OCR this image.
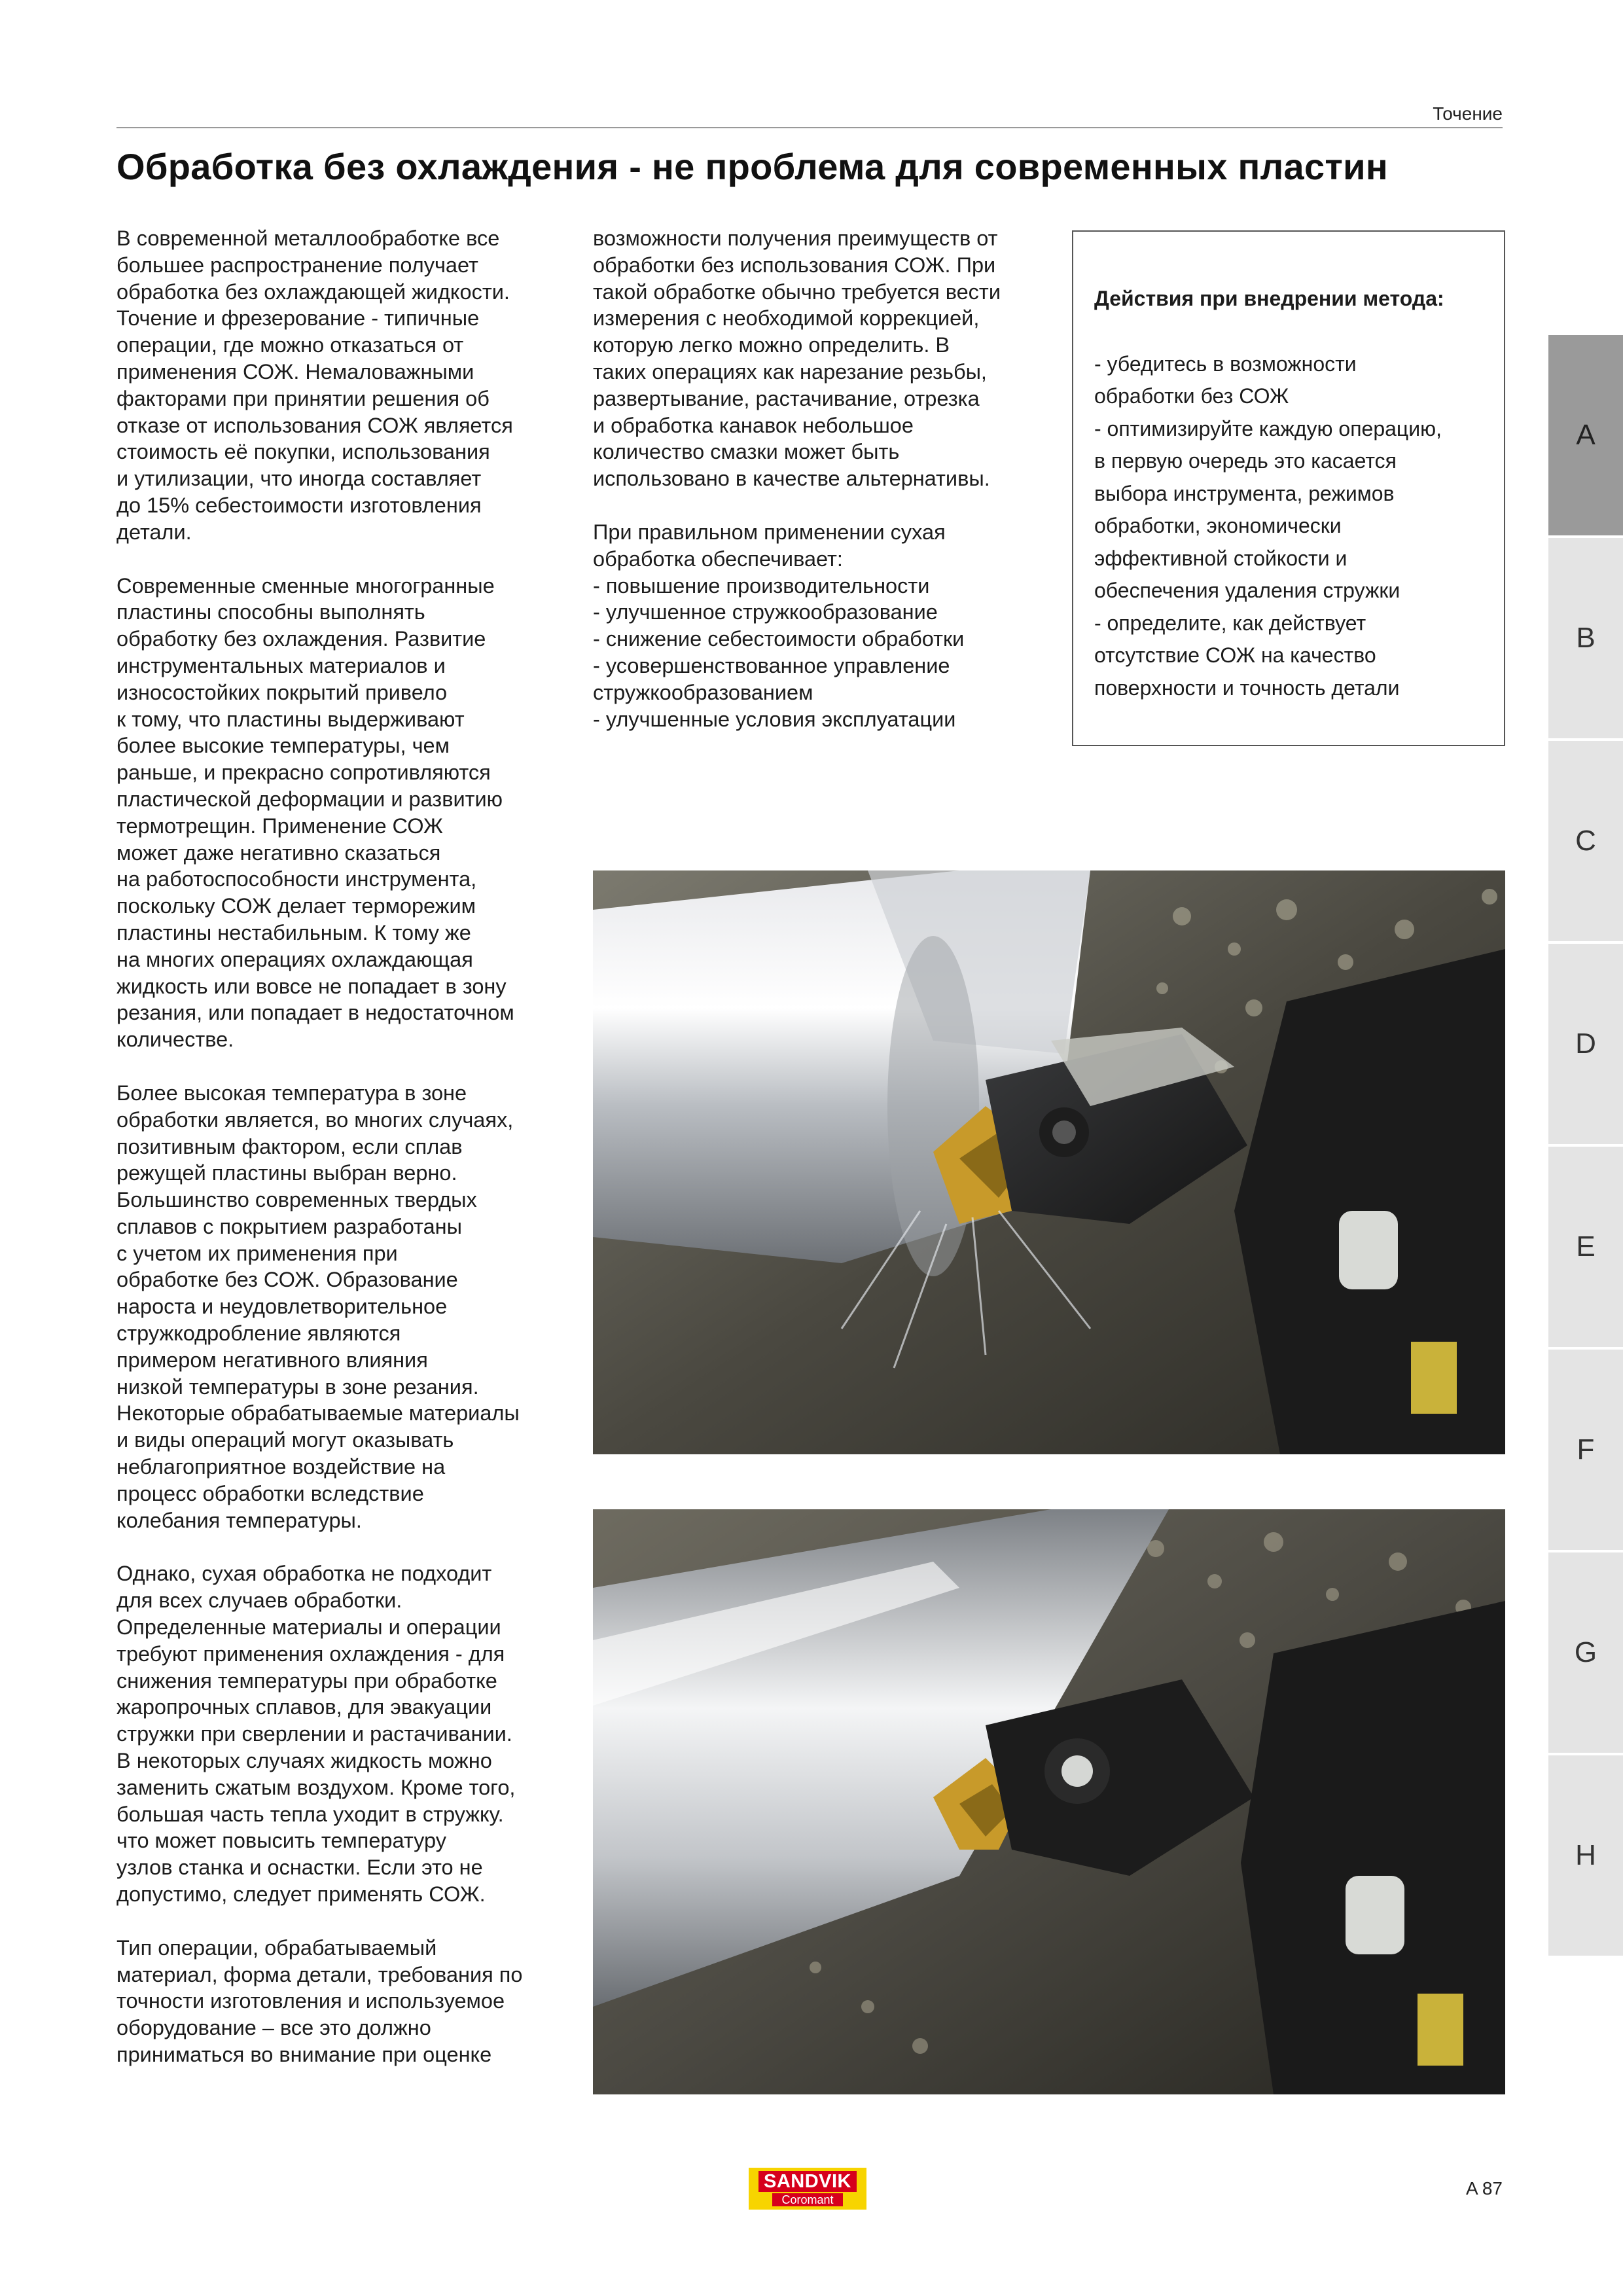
Точение
Обработка без охлаждения - не проблема для современных пластин

В современной металлообработке все
большее распространение получает
обработка без охлаждающей жидкости.
Точение и фрезерование - типичные
операции, где можно отказаться от
применения СОЖ. Немаловажными
факторами при принятии решения об
отказе от использования СОЖ является
стоимость её покупки, использования
и утилизации, что иногда составляет
до 15% себестоимости изготовления
детали.

Современные сменные многогранные
пластины способны выполнять
обработку без охлаждения. Развитие
инструментальных материалов и
износостойких покрытий привело
к тому, что пластины выдерживают
более высокие температуры, чем
раньше, и прекрасно сопротивляются
пластической деформации и развитию
термотрещин. Применение СОЖ
может даже негативно сказаться
на работоспособности инструмента,
поскольку СОЖ делает терморежим
пластины нестабильным. К тому же
на многих операциях охлаждающая
жидкость или вовсе не попадает в зону
резания, или попадает в недостаточном
количестве.

Более высокая температура в зоне
обработки является, во многих случаях,
позитивным фактором, если сплав
режущей пластины выбран верно.
Большинство современных твердых
сплавов с покрытием разработаны
с учетом их применения при
обработке без СОЖ. Образование
нароста и неудовлетворительное
стружкодробление являются
примером негативного влияния
низкой температуры в зоне резания.
Некоторые обрабатываемые материалы
и виды операций могут оказывать
неблагоприятное воздействие на
процесс обработки вследствие
колебания температуры.

Однако, сухая обработка не подходит
для всех случаев обработки.
Определенные материалы и операции
требуют применения охлаждения - для
снижения температуры при обработке
жаропрочных сплавов, для эвакуации
стружки при сверлении и растачивании.
В некоторых случаях жидкость можно
заменить сжатым воздухом. Кроме того,
большая часть тепла уходит в стружку.
что может повысить температуру
узлов станка и оснастки. Если это не
допустимо, следует применять СОЖ.

Тип операции, обрабатываемый
материал, форма детали, требования по
точности изготовления и используемое
оборудование – все это должно
приниматься во внимание при оценке

возможности получения преимуществ от
обработки без использования СОЖ. При
такой обработке обычно требуется вести
измерения с необходимой коррекцией,
которую легко можно определить. В
таких операциях как нарезание резьбы,
развертывание, растачивание, отрезка
и обработка канавок небольшое
количество смазки может быть
использовано в качестве альтернативы.

При правильном применении сухая
обработка обеспечивает:
- повышение производительности
- улучшенное стружкообразование
- снижение себестоимости обработки
- усовершенствованное управление
стружкообразованием
- улучшенные условия эксплуатации

Действия при внедрении метода:
- убедитесь в возможности
обработки без СОЖ
- оптимизируйте каждую операцию,
в первую очередь это касается
выбора инструмента, режимов
обработки, экономически
эффективной стойкости и
обеспечения удаления стружки
- определите, как действует
отсутствие СОЖ на качество
поверхности и точность детали
A
B
C
D
E
F
G
H
SANDVIK
Coromant
A 87
